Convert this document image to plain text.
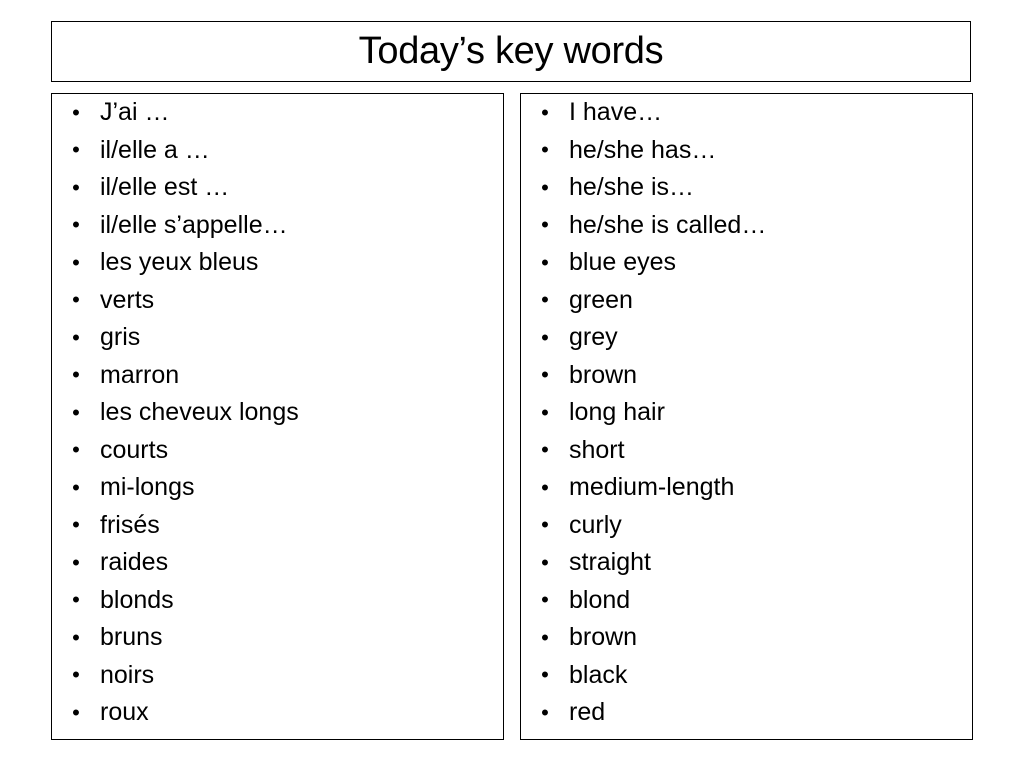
Today’s key words
• J’ai …
• il/elle a …
• il/elle est …
• il/elle s’appelle…
• les yeux bleus
• verts
• gris
• marron
• les cheveux longs
• courts
• mi-longs
• frisés
• raides
• blonds
• bruns
• noirs
• roux
• I have…
• he/she has…
• he/she is…
• he/she is called…
• blue eyes
• green
• grey
• brown
• long hair
• short
• medium-length
• curly
• straight
• blond
• brown
• black
• red
